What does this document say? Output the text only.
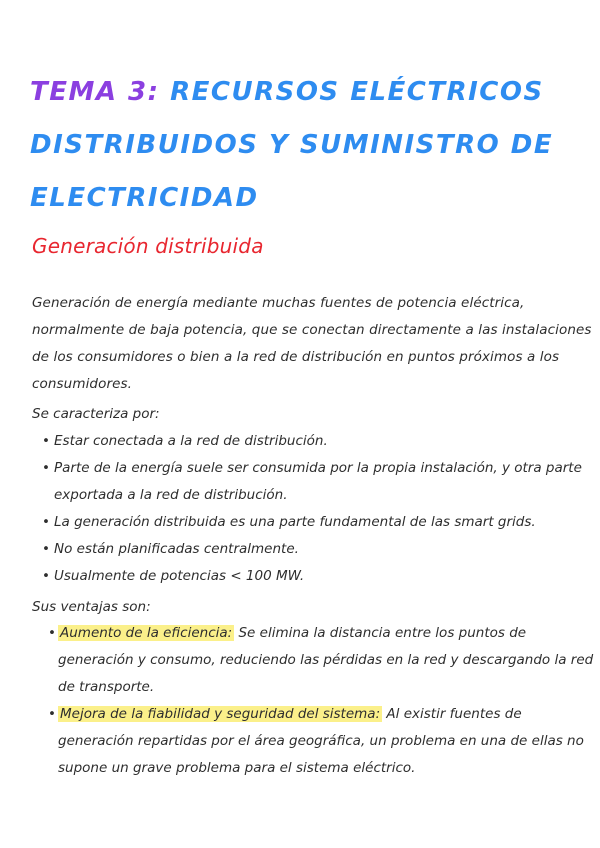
TEMA 3: RECURSOS ELÉCTRICOS DISTRIBUIDOS Y SUMINISTRO DE ELECTRICIDAD
Generación distribuida
Generación de energía mediante muchas fuentes de potencia eléctrica, normalmente de baja potencia, que se conectan directamente a las instalaciones de los consumidores o bien a la red de distribución en puntos próximos a los consumidores.
Se caracteriza por:
• Estar conectada a la red de distribución.
• Parte de la energía suele ser consumida por la propia instalación, y otra parte exportada a la red de distribución.
• La generación distribuida es una parte fundamental de las smart grids.
• No están planificadas centralmente.
• Usualmente de potencias < 100 MW.
Sus ventajas son:
• Aumento de la eficiencia: Se elimina la distancia entre los puntos de generación y consumo, reduciendo las pérdidas en la red y descargando la red de transporte.
• Mejora de la fiabilidad y seguridad del sistema: Al existir fuentes de generación repartidas por el área geográfica, un problema en una de ellas no supone un grave problema para el sistema eléctrico.
